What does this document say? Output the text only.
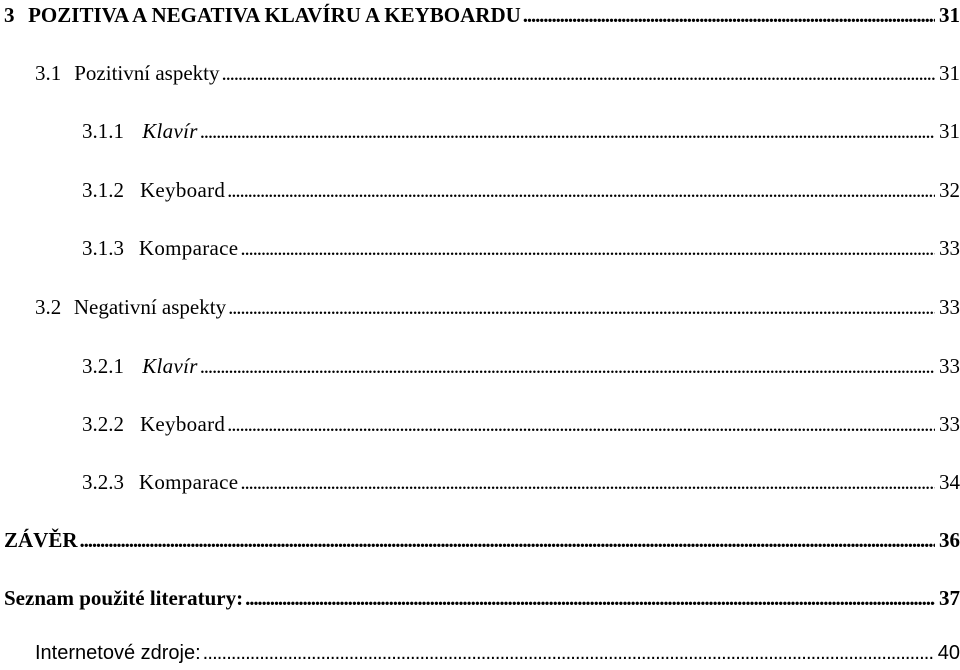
3 POZITIVA A NEGATIVA KLAVÍRU A KEYBOARDU . . .	31
3.1 Pozitivní aspekty . . .	31
3.1.1 Klavír . . .	31
3.1.2 Keyboard . . .	32
3.1.3 Komparace . . .	33
3.2 Negativní aspekty . . .	33
3.2.1 Klavír . . .	33
3.2.2 Keyboard . . .	33
3.2.3 Komparace . . .	34
ZÁVĚR . . .	36
Seznam použité literatury: . . .	37
Internetové zdroje: . . .	40
